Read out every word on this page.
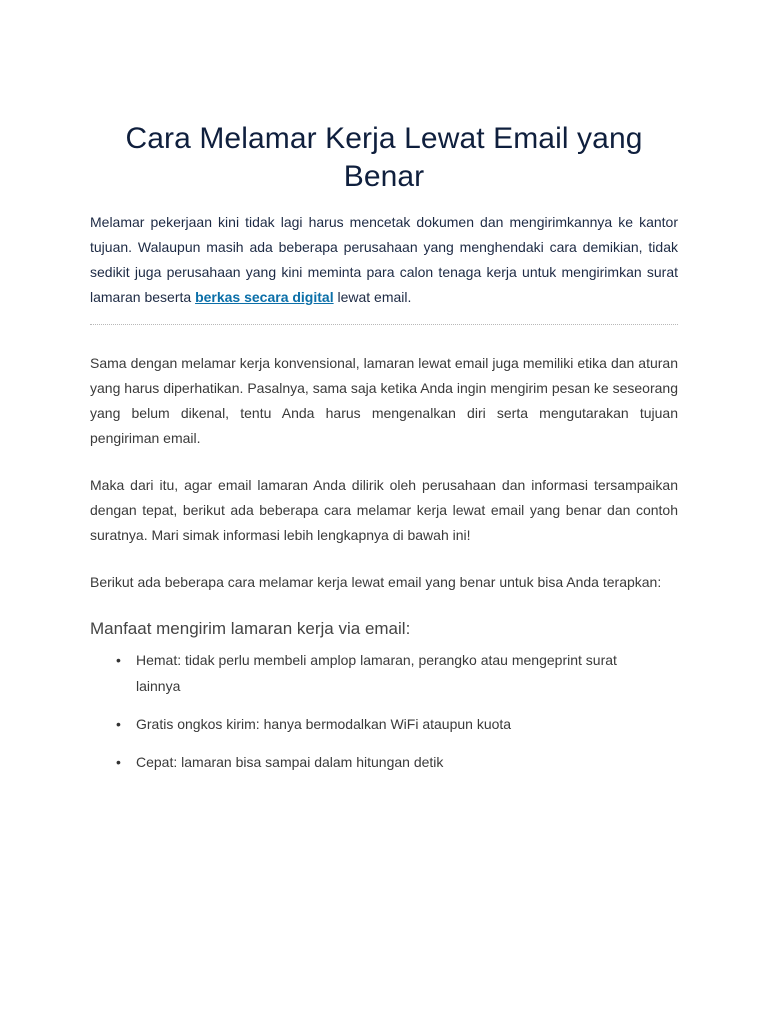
Cara Melamar Kerja Lewat Email yang Benar

Melamar pekerjaan kini tidak lagi harus mencetak dokumen dan mengirimkannya ke kantor tujuan. Walaupun masih ada beberapa perusahaan yang menghendaki cara demikian, tidak sedikit juga perusahaan yang kini meminta para calon tenaga kerja untuk mengirimkan surat lamaran beserta berkas secara digital lewat email.

Sama dengan melamar kerja konvensional, lamaran lewat email juga memiliki etika dan aturan yang harus diperhatikan. Pasalnya, sama saja ketika Anda ingin mengirim pesan ke seseorang yang belum dikenal, tentu Anda harus mengenalkan diri serta mengutarakan tujuan pengiriman email.

Maka dari itu, agar email lamaran Anda dilirik oleh perusahaan dan informasi tersampaikan dengan tepat, berikut ada beberapa cara melamar kerja lewat email yang benar dan contoh suratnya. Mari simak informasi lebih lengkapnya di bawah ini!

Berikut ada beberapa cara melamar kerja lewat email yang benar untuk bisa Anda terapkan:

Manfaat mengirim lamaran kerja via email:
• Hemat: tidak perlu membeli amplop lamaran, perangko atau mengeprint surat lainnya
• Gratis ongkos kirim: hanya bermodalkan WiFi ataupun kuota
• Cepat: lamaran bisa sampai dalam hitungan detik
